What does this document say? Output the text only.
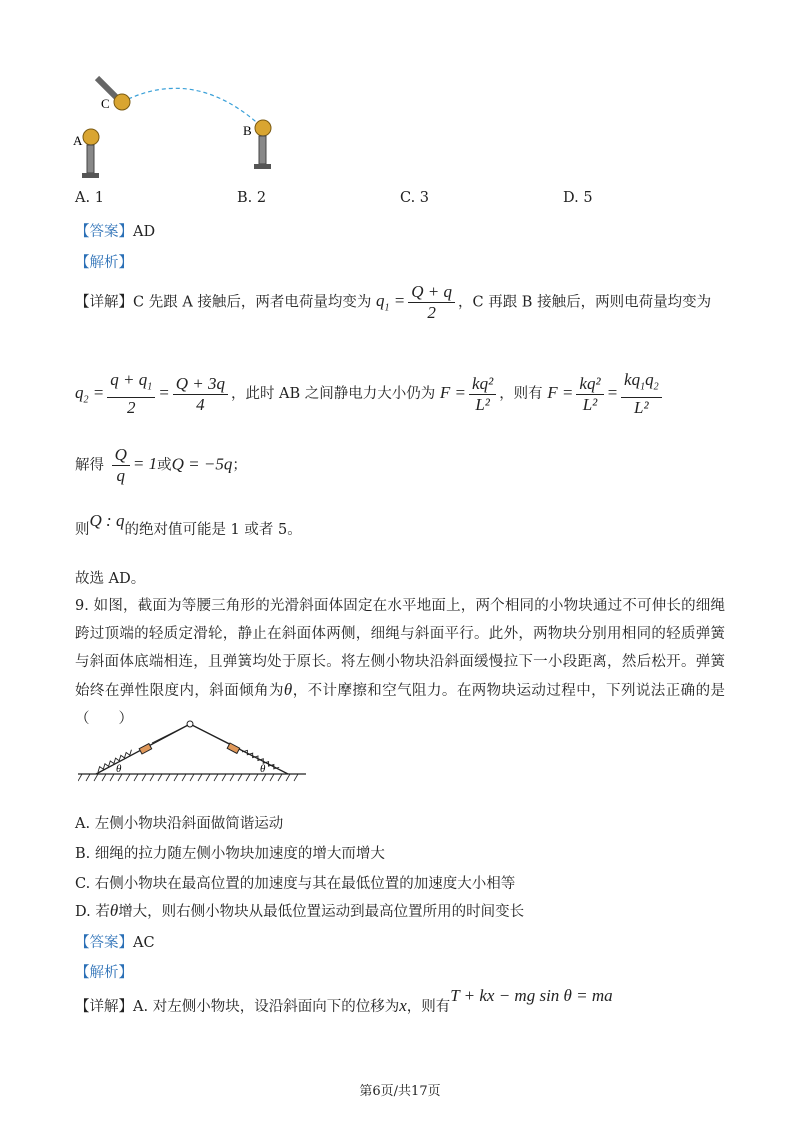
A
B
C
A. 1	B. 2	C. 3	D. 5
【答案】AD
【解析】
【详解】C 先跟 A 接触后，两者电荷量均变为 $q_1 = \frac{Q + q}{2}$ ，C 再跟 B 接触后，两则电荷量均变为
$q_2 = \frac{q + q_1}{2} = \frac{Q + 3q}{4}$ ，此时 AB 之间静电力大小仍为 $F = \frac{\text{kq²}}{\text{L²}}$ ，则有 $F = \frac{\text{kq²}}{\text{L²}} = \frac{kq_1q_2}{\text{L²}}$
解得 $\frac{Q}{q} = 1$或Q = −5q；
则Q : q的绝对值可能是 1 或者 5。
故选 AD。
9. 如图，截面为等腰三角形的光滑斜面体固定在水平地面上，两个相同的小物块通过不可伸长的细绳跨过顶端的轻质定滑轮，静止在斜面体两侧，细绳与斜面平行。此外，两物块分别用相同的轻质弹簧与斜面体底端相连，且弹簧均处于原长。将左侧小物块沿斜面缓慢拉下一小段距离，然后松开。弹簧始终在弹性限度内，斜面倾角为θ，不计摩擦和空气阻力。在两物块运动过程中，下列说法正确的是（　　）
θ	θ
A. 左侧小物块沿斜面做简谐运动
B. 细绳的拉力随左侧小物块加速度的增大而增大
C. 右侧小物块在最高位置的加速度与其在最低位置的加速度大小相等
D. 若θ增大，则右侧小物块从最低位置运动到最高位置所用的时间变长
【答案】AC
【解析】
【详解】A. 对左侧小物块，设沿斜面向下的位移为x，则有T + kx − mg sin θ = ma
第6页/共17页
